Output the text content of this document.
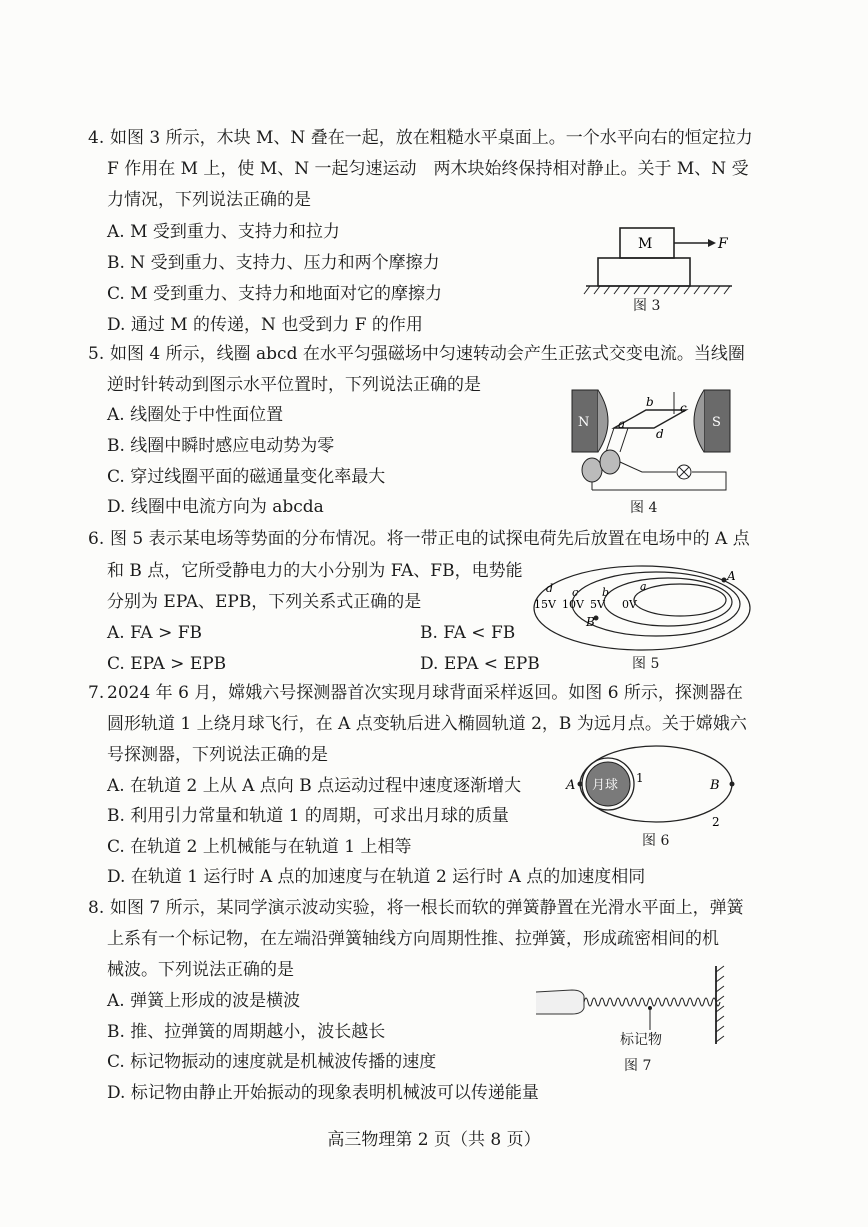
4. 如图 3 所示，木块 M、N 叠在一起，放在粗糙水平桌面上。一个水平向右的恒定拉力
F 作用在 M 上，使 M、N 一起匀速运动　两木块始终保持相对静止。关于 M、N 受
力情况，下列说法正确的是
A. M 受到重力、支持力和拉力
B. N 受到重力、支持力、压力和两个摩擦力
C. M 受到重力、支持力和地面对它的摩擦力
D. 通过 M 的传递，N 也受到力 F 的作用
M	F
图 3
5. 如图 4 所示，线圈 abcd 在水平匀强磁场中匀速转动会产生正弦式交变电流。当线圈
逆时针转动到图示水平位置时，下列说法正确的是
A. 线圈处于中性面位置
B. 线圈中瞬时感应电动势为零
C. 穿过线圈平面的磁通量变化率最大
D. 线圈中电流方向为 abcda
N	S
a
b c
d
图 4
6. 图 5 表示某电场等势面的分布情况。将一带正电的试探电荷先后放置在电场中的 A 点
和 B 点，它所受静电力的大小分别为 FA、FB，电势能
分别为 EPA、EPB，下列关系式正确的是
A. FA > FB	B. FA < FB
C. EPA > EPB	D. EPA < EPB
15V 10V 5V 0V
d c b	a
A
B
图 5
7. 2024 年 6 月，嫦娥六号探测器首次实现月球背面采样返回。如图 6 所示，探测器在
圆形轨道 1 上绕月球飞行，在 A 点变轨后进入椭圆轨道 2，B 为远月点。关于嫦娥六
号探测器，下列说法正确的是
A. 在轨道 2 上从 A 点向 B 点运动过程中速度逐渐增大
B. 利用引力常量和轨道 1 的周期，可求出月球的质量
C. 在轨道 2 上机械能与在轨道 1 上相等
D. 在轨道 1 运行时 A 点的加速度与在轨道 2 运行时 A 点的加速度相同
月球
A	B
1
2
图 6
8. 如图 7 所示，某同学演示波动实验，将一根长而软的弹簧静置在光滑水平面上，弹簧
上系有一个标记物，在左端沿弹簧轴线方向周期性推、拉弹簧，形成疏密相间的机
械波。下列说法正确的是
A. 弹簧上形成的波是横波
B. 推、拉弹簧的周期越小，波长越长
C. 标记物振动的速度就是机械波传播的速度
D. 标记物由静止开始振动的现象表明机械波可以传递能量
标记物
图 7
高三物理第 2 页（共 8 页）
